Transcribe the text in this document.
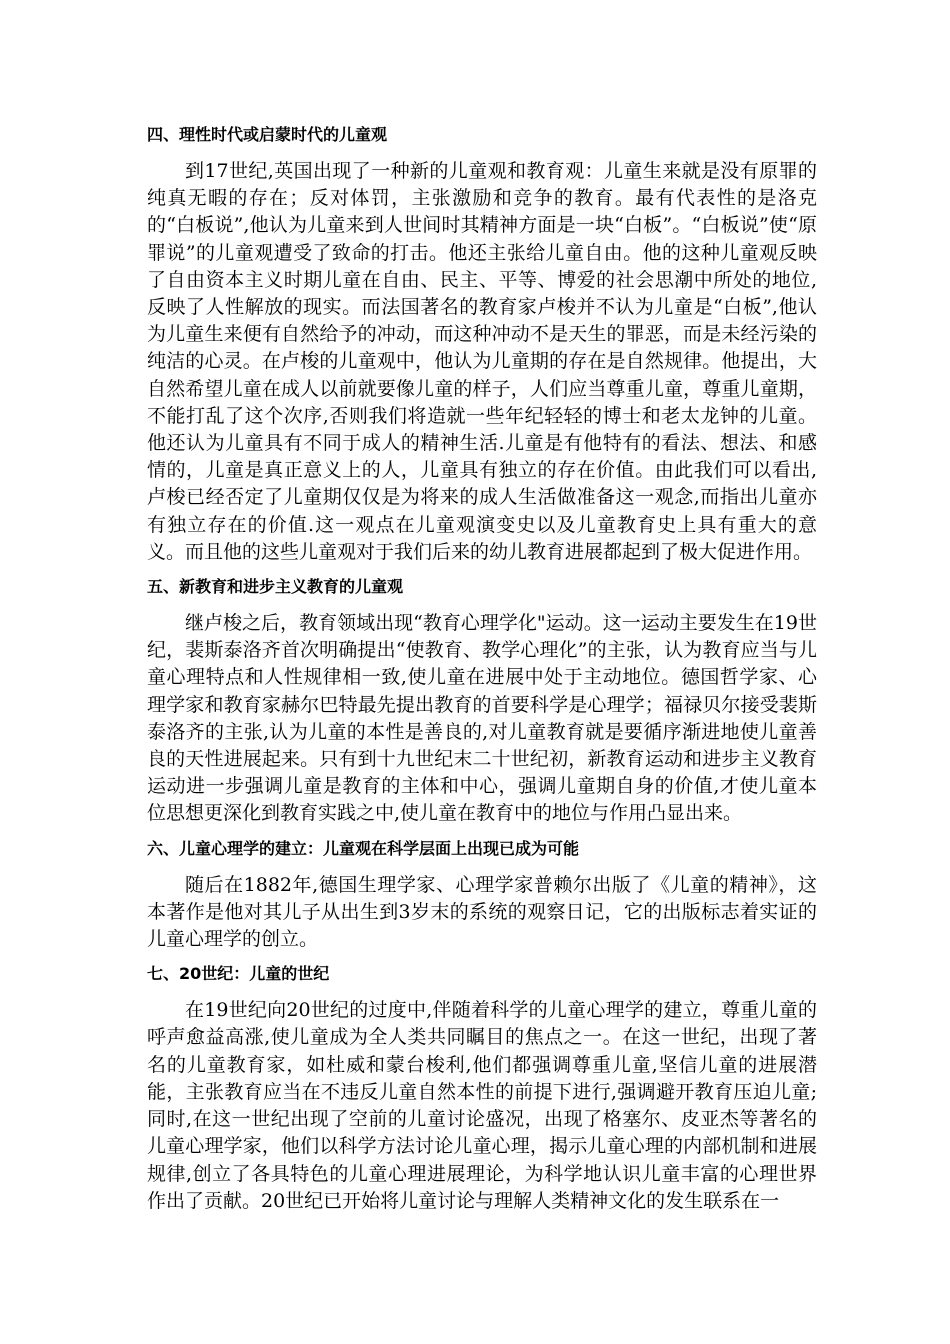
四、理性时代或启蒙时代的儿童观

到17世纪,英国出现了一种新的儿童观和教育观：儿童生来就是没有原罪的纯真无暇的存在；反对体罚，主张激励和竞争的教育。最有代表性的是洛克的“白板说”,他认为儿童来到人世间时其精神方面是一块“白板”。“白板说”使“原罪说”的儿童观遭受了致命的打击。他还主张给儿童自由。他的这种儿童观反映了自由资本主义时期儿童在自由、民主、平等、博爱的社会思潮中所处的地位,反映了人性解放的现实。而法国著名的教育家卢梭并不认为儿童是“白板”,他认为儿童生来便有自然给予的冲动，而这种冲动不是天生的罪恶，而是未经污染的纯洁的心灵。在卢梭的儿童观中，他认为儿童期的存在是自然规律。他提出，大自然希望儿童在成人以前就要像儿童的样子，人们应当尊重儿童，尊重儿童期，不能打乱了这个次序,否则我们将造就一些年纪轻轻的博士和老太龙钟的儿童。他还认为儿童具有不同于成人的精神生活.儿童是有他特有的看法、想法、和感情的，儿童是真正意义上的人，儿童具有独立的存在价值。由此我们可以看出,卢梭已经否定了儿童期仅仅是为将来的成人生活做准备这一观念,而指出儿童亦有独立存在的价值.这一观点在儿童观演变史以及儿童教育史上具有重大的意义。而且他的这些儿童观对于我们后来的幼儿教育进展都起到了极大促进作用。

五、新教育和进步主义教育的儿童观

继卢梭之后，教育领域出现“教育心理学化"运动。这一运动主要发生在19世纪，裴斯泰洛齐首次明确提出“使教育、教学心理化”的主张，认为教育应当与儿童心理特点和人性规律相一致,使儿童在进展中处于主动地位。德国哲学家、心理学家和教育家赫尔巴特最先提出教育的首要科学是心理学；福禄贝尔接受裴斯泰洛齐的主张,认为儿童的本性是善良的,对儿童教育就是要循序渐进地使儿童善良的天性进展起来。只有到十九世纪末二十世纪初，新教育运动和进步主义教育运动进一步强调儿童是教育的主体和中心，强调儿童期自身的价值,才使儿童本位思想更深化到教育实践之中,使儿童在教育中的地位与作用凸显出来。

六、儿童心理学的建立：儿童观在科学层面上出现已成为可能

随后在1882年,德国生理学家、心理学家普赖尔出版了《儿童的精神》，这本著作是他对其儿子从出生到3岁末的系统的观察日记，它的出版标志着实证的儿童心理学的创立。

七、20世纪：儿童的世纪

在19世纪向20世纪的过度中,伴随着科学的儿童心理学的建立，尊重儿童的呼声愈益高涨,使儿童成为全人类共同瞩目的焦点之一。在这一世纪，出现了著名的儿童教育家，如杜威和蒙台梭利,他们都强调尊重儿童,坚信儿童的进展潜能，主张教育应当在不违反儿童自然本性的前提下进行,强调避开教育压迫儿童;同时,在这一世纪出现了空前的儿童讨论盛况，出现了格塞尔、皮亚杰等著名的儿童心理学家，他们以科学方法讨论儿童心理，揭示儿童心理的内部机制和进展规律,创立了各具特色的儿童心理进展理论，为科学地认识儿童丰富的心理世界作出了贡献。20世纪已开始将儿童讨论与理解人类精神文化的发生联系在一
